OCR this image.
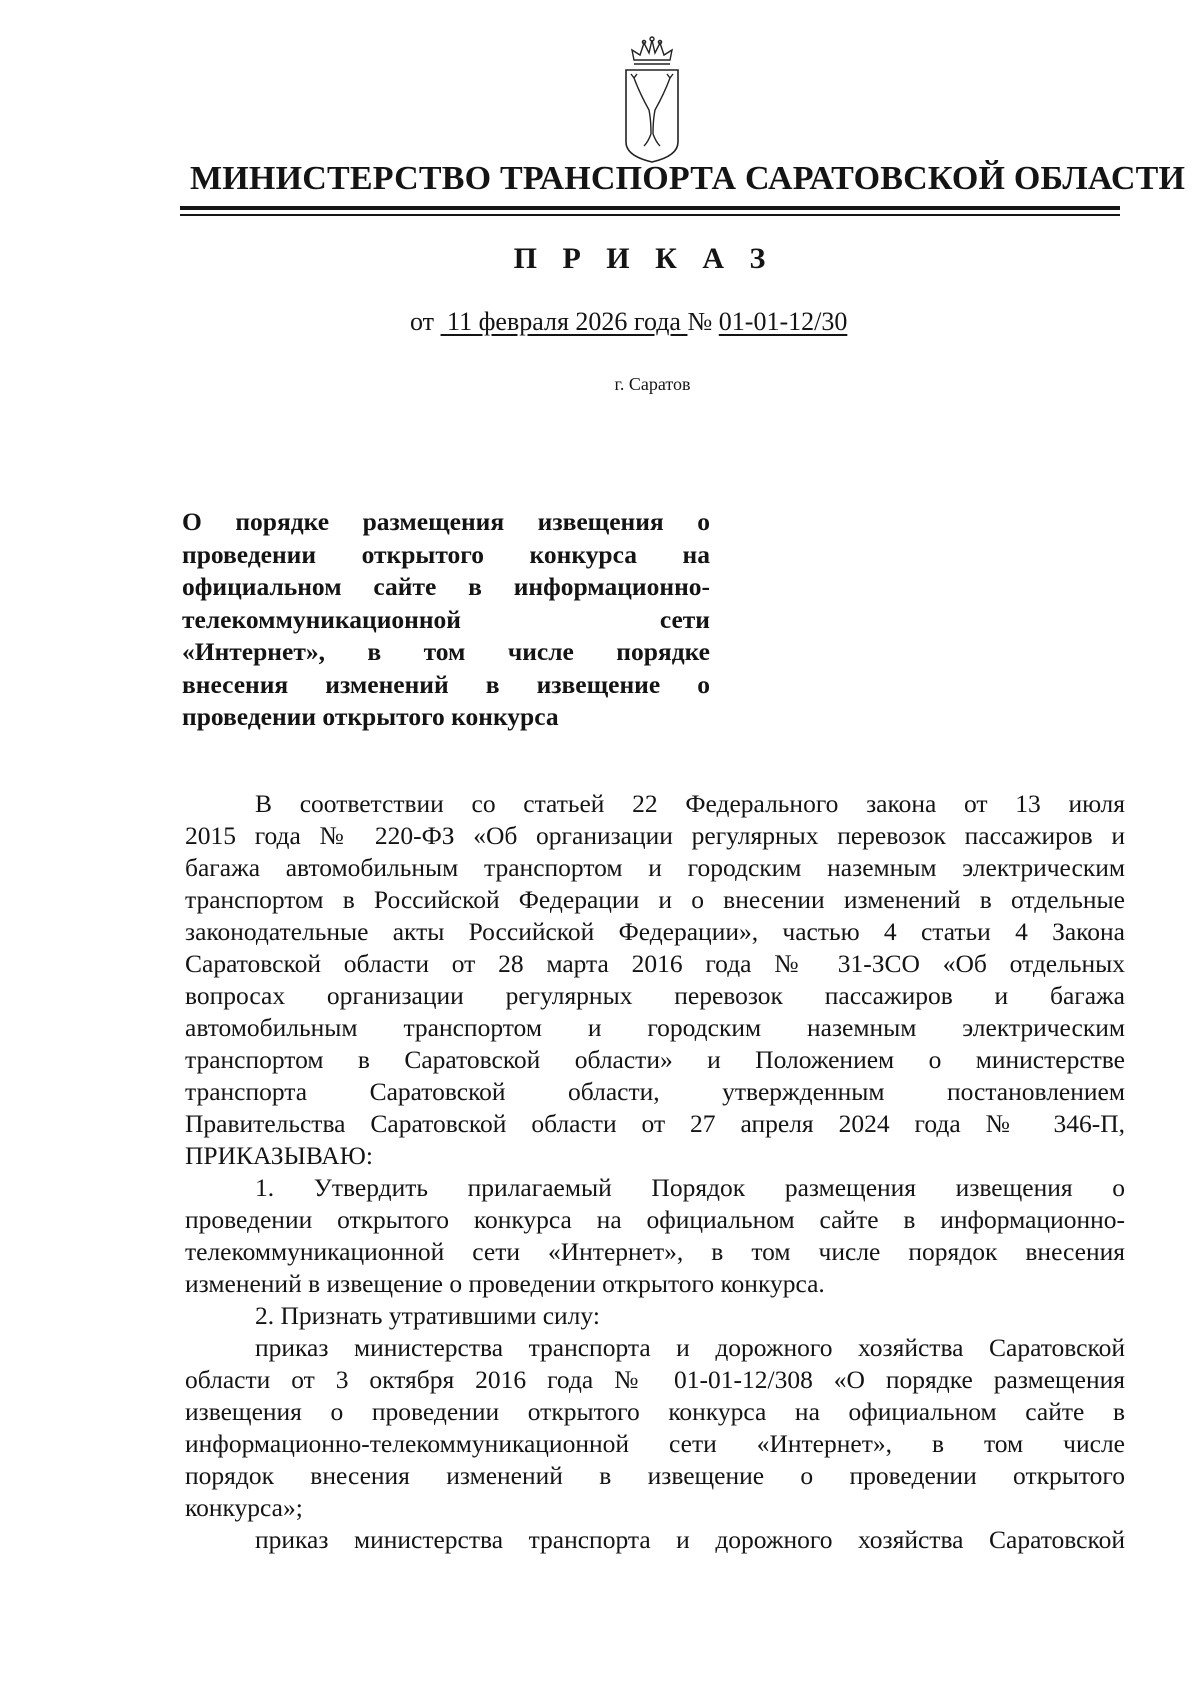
МИНИСТЕРСТВО ТРАНСПОРТА САРАТОВСКОЙ ОБЛАСТИ
П Р И К А З
от 11 февраля 2026 года № 01-01-12/30
г. Саратов
О порядке размещения извещения о
проведении открытого конкурса на
официальном сайте в информационно-
телекоммуникационной сети
«Интернет», в том числе порядке
внесения изменений в извещение о
проведении открытого конкурса
В соответствии со статьей 22 Федерального закона от 13 июля
2015 года № 220-ФЗ «Об организации регулярных перевозок пассажиров и
багажа автомобильным транспортом и городским наземным электрическим
транспортом в Российской Федерации и о внесении изменений в отдельные
законодательные акты Российской Федерации», частью 4 статьи 4 Закона
Саратовской области от 28 марта 2016 года № 31-ЗСО «Об отдельных
вопросах организации регулярных перевозок пассажиров и багажа
автомобильным транспортом и городским наземным электрическим
транспортом в Саратовской области» и Положением о министерстве
транспорта Саратовской области, утвержденным постановлением
Правительства Саратовской области от 27 апреля 2024 года № 346-П,
ПРИКАЗЫВАЮ:
1. Утвердить прилагаемый Порядок размещения извещения о
проведении открытого конкурса на официальном сайте в информационно-
телекоммуникационной сети «Интернет», в том числе порядок внесения
изменений в извещение о проведении открытого конкурса.
2. Признать утратившими силу:
приказ министерства транспорта и дорожного хозяйства Саратовской
области от 3 октября 2016 года № 01-01-12/308 «О порядке размещения
извещения о проведении открытого конкурса на официальном сайте в
информационно-телекоммуникационной сети «Интернет», в том числе
порядок внесения изменений в извещение о проведении открытого
конкурса»;
приказ министерства транспорта и дорожного хозяйства Саратовской
